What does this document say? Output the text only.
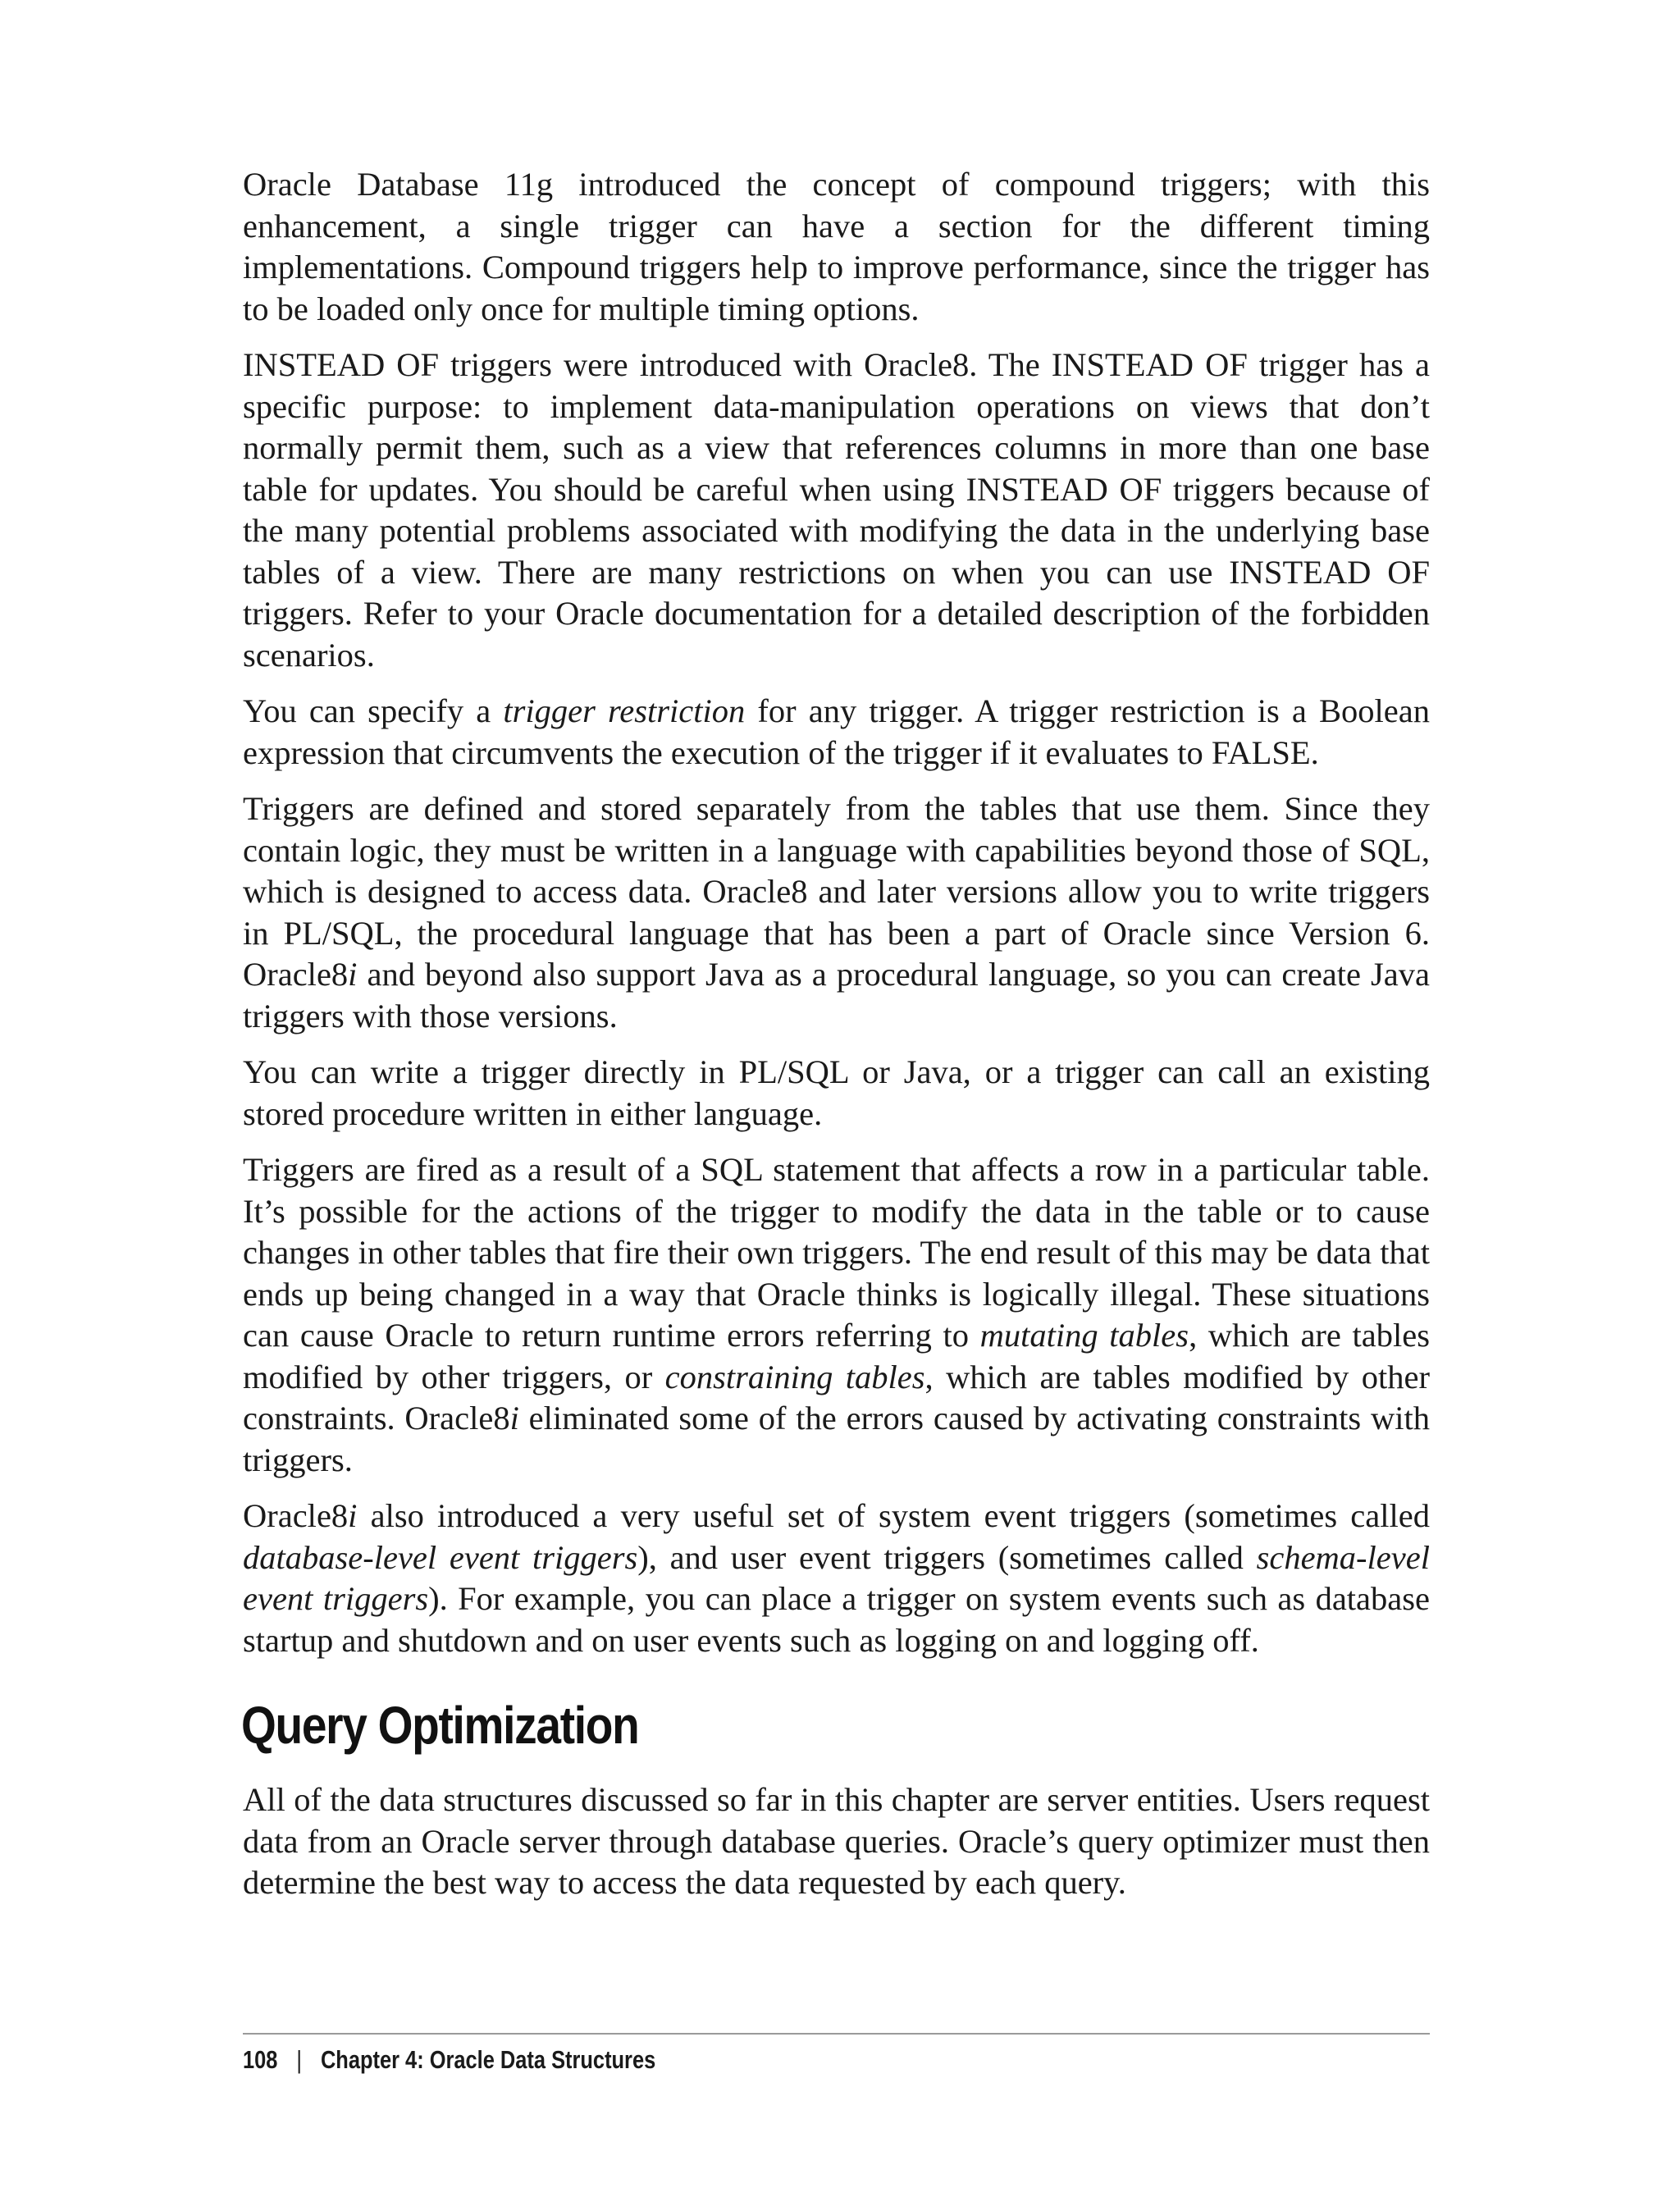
Oracle Database 11g introduced the concept of compound triggers; with this enhancement, a single trigger can have a section for the different timing implementations. Compound triggers help to improve performance, since the trigger has to be loaded only once for multiple timing options.

INSTEAD OF triggers were introduced with Oracle8. The INSTEAD OF trigger has a specific purpose: to implement data-manipulation operations on views that don’t normally permit them, such as a view that references columns in more than one base table for updates. You should be careful when using INSTEAD OF triggers because of the many potential problems associated with modifying the data in the underlying base tables of a view. There are many restrictions on when you can use INSTEAD OF triggers. Refer to your Oracle documentation for a detailed description of the forbidden scenarios.

You can specify a trigger restriction for any trigger. A trigger restriction is a Boolean expression that circumvents the execution of the trigger if it evaluates to FALSE.

Triggers are defined and stored separately from the tables that use them. Since they contain logic, they must be written in a language with capabilities beyond those of SQL, which is designed to access data. Oracle8 and later versions allow you to write triggers in PL/SQL, the procedural language that has been a part of Oracle since Version 6. Oracle8i and beyond also support Java as a procedural language, so you can create Java triggers with those versions.

You can write a trigger directly in PL/SQL or Java, or a trigger can call an existing stored procedure written in either language.

Triggers are fired as a result of a SQL statement that affects a row in a particular table. It’s possible for the actions of the trigger to modify the data in the table or to cause changes in other tables that fire their own triggers. The end result of this may be data that ends up being changed in a way that Oracle thinks is logically illegal. These situations can cause Oracle to return runtime errors referring to mutating tables, which are tables modified by other triggers, or constraining tables, which are tables modified by other constraints. Oracle8i eliminated some of the errors caused by activating constraints with triggers.

Oracle8i also introduced a very useful set of system event triggers (sometimes called database-level event triggers), and user event triggers (sometimes called schema-level event triggers). For example, you can place a trigger on system events such as database startup and shutdown and on user events such as logging on and logging off.

Query Optimization

All of the data structures discussed so far in this chapter are server entities. Users request data from an Oracle server through database queries. Oracle’s query optimizer must then determine the best way to access the data requested by each query.

108 | Chapter 4: Oracle Data Structures
